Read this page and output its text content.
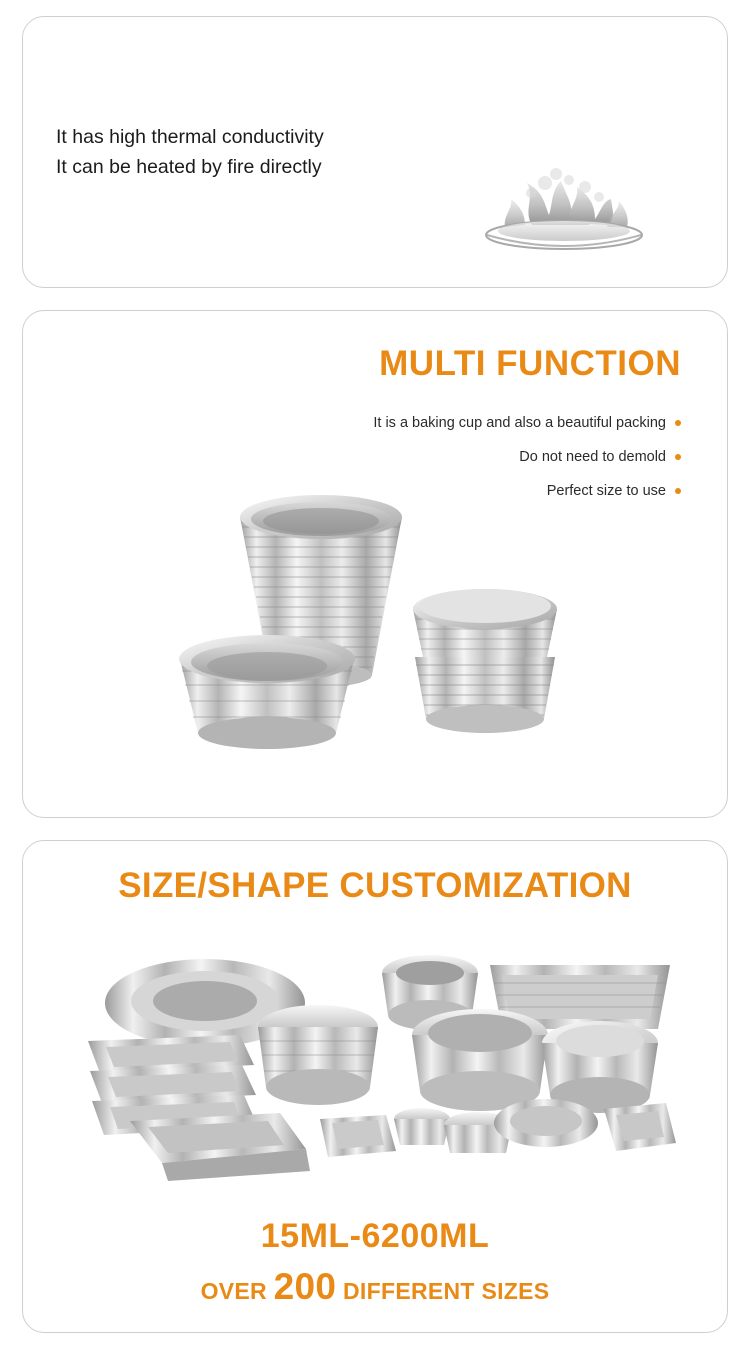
It has high thermal conductivity
It can be heated by fire directly
MULTI FUNCTION
It is a baking cup and also a beautiful packing
Do not need to demold
Perfect size to use
SIZE/SHAPE CUSTOMIZATION
15ML-6200ML
OVER 200 DIFFERENT SIZES
